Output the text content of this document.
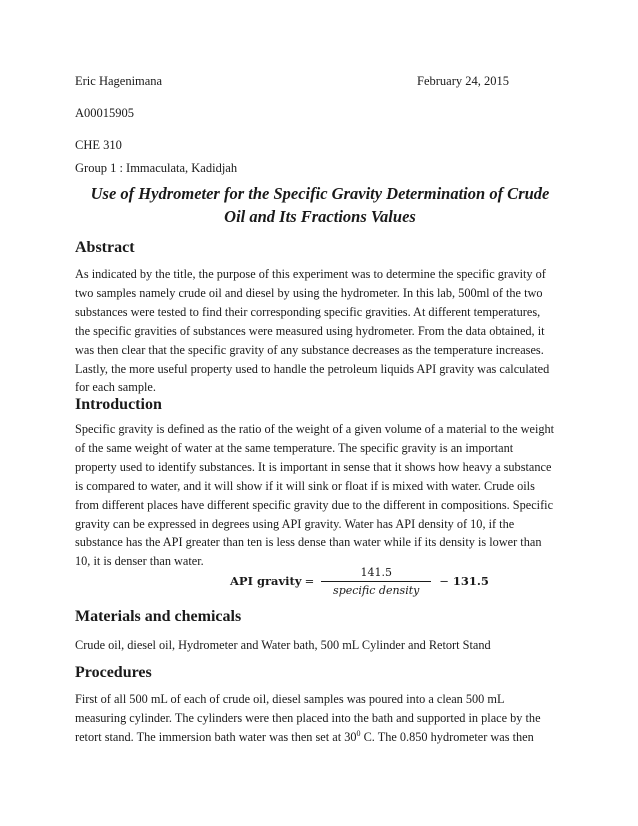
Eric Hagenimana	February 24, 2015
A00015905
CHE 310
Group 1 : Immaculata, Kadidjah
Use of Hydrometer for the Specific Gravity Determination of Crude
Oil and Its Fractions Values
Abstract
As indicated by the title, the purpose of this experiment was to determine the specific gravity of
two samples namely crude oil and diesel by using the hydrometer. In this lab, 500ml of the two
substances were tested to find their corresponding specific gravities. At different temperatures,
the specific gravities of substances were measured using hydrometer. From the data obtained, it
was then clear that the specific gravity of any substance decreases as the temperature increases.
Lastly, the more useful property used to handle the petroleum liquids API gravity was calculated
for each sample.
Introduction
Specific gravity is defined as the ratio of the weight of a given volume of a material to the weight
of the same weight of water at the same temperature. The specific gravity is an important
property used to identify substances. It is important in sense that it shows how heavy a substance
is compared to water, and it will show if it will sink or float if is mixed with water. Crude oils
from different places have different specific gravity due to the different in compositions. Specific
gravity can be expressed in degrees using API gravity. Water has API density of 10, if the
substance has the API greater than ten is less dense than water while if its density is lower than
10, it is denser than water.
API gravity = $\frac{141.5}{\text{specific density}} - 131.5$
Materials and chemicals
Crude oil, diesel oil, Hydrometer and Water bath, 500 mL Cylinder and Retort Stand
Procedures
First of all 500 mL of each of crude oil, diesel samples was poured into a clean 500 mL
measuring cylinder. The cylinders were then placed into the bath and supported in place by the
retort stand. The immersion bath water was then set at $30^0$ C. The 0.850 hydrometer was then
